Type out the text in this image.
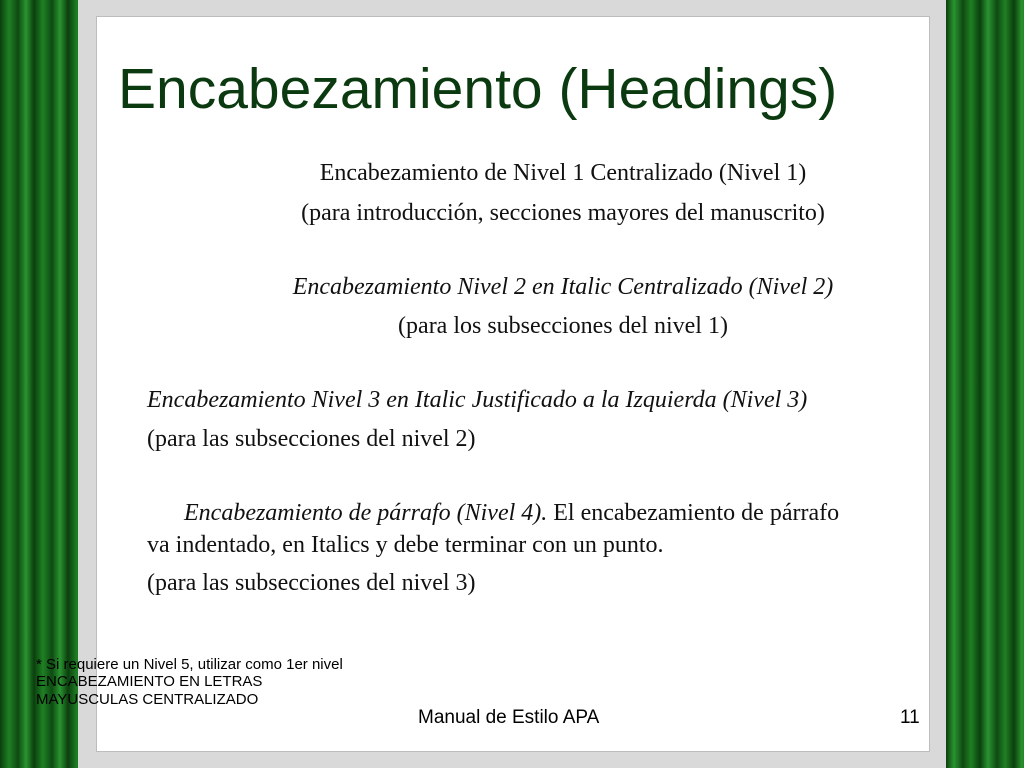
Encabezamiento (Headings)
Encabezamiento de Nivel 1 Centralizado (Nivel 1)
(para introducción, secciones mayores del manuscrito)
Encabezamiento Nivel 2 en Italic Centralizado (Nivel 2)
(para los subsecciones del nivel 1)
Encabezamiento Nivel 3 en Italic Justificado a la Izquierda (Nivel 3)
(para las subsecciones del nivel 2)
Encabezamiento de párrafo (Nivel 4). El encabezamiento de párrafo
va indentado, en Italics y debe terminar con un punto.
(para las subsecciones del nivel 3)
* Si requiere un Nivel 5, utilizar como 1er nivel
ENCABEZAMIENTO EN LETRAS
MAYUSCULAS CENTRALIZADO
Manual de Estilo APA	11
